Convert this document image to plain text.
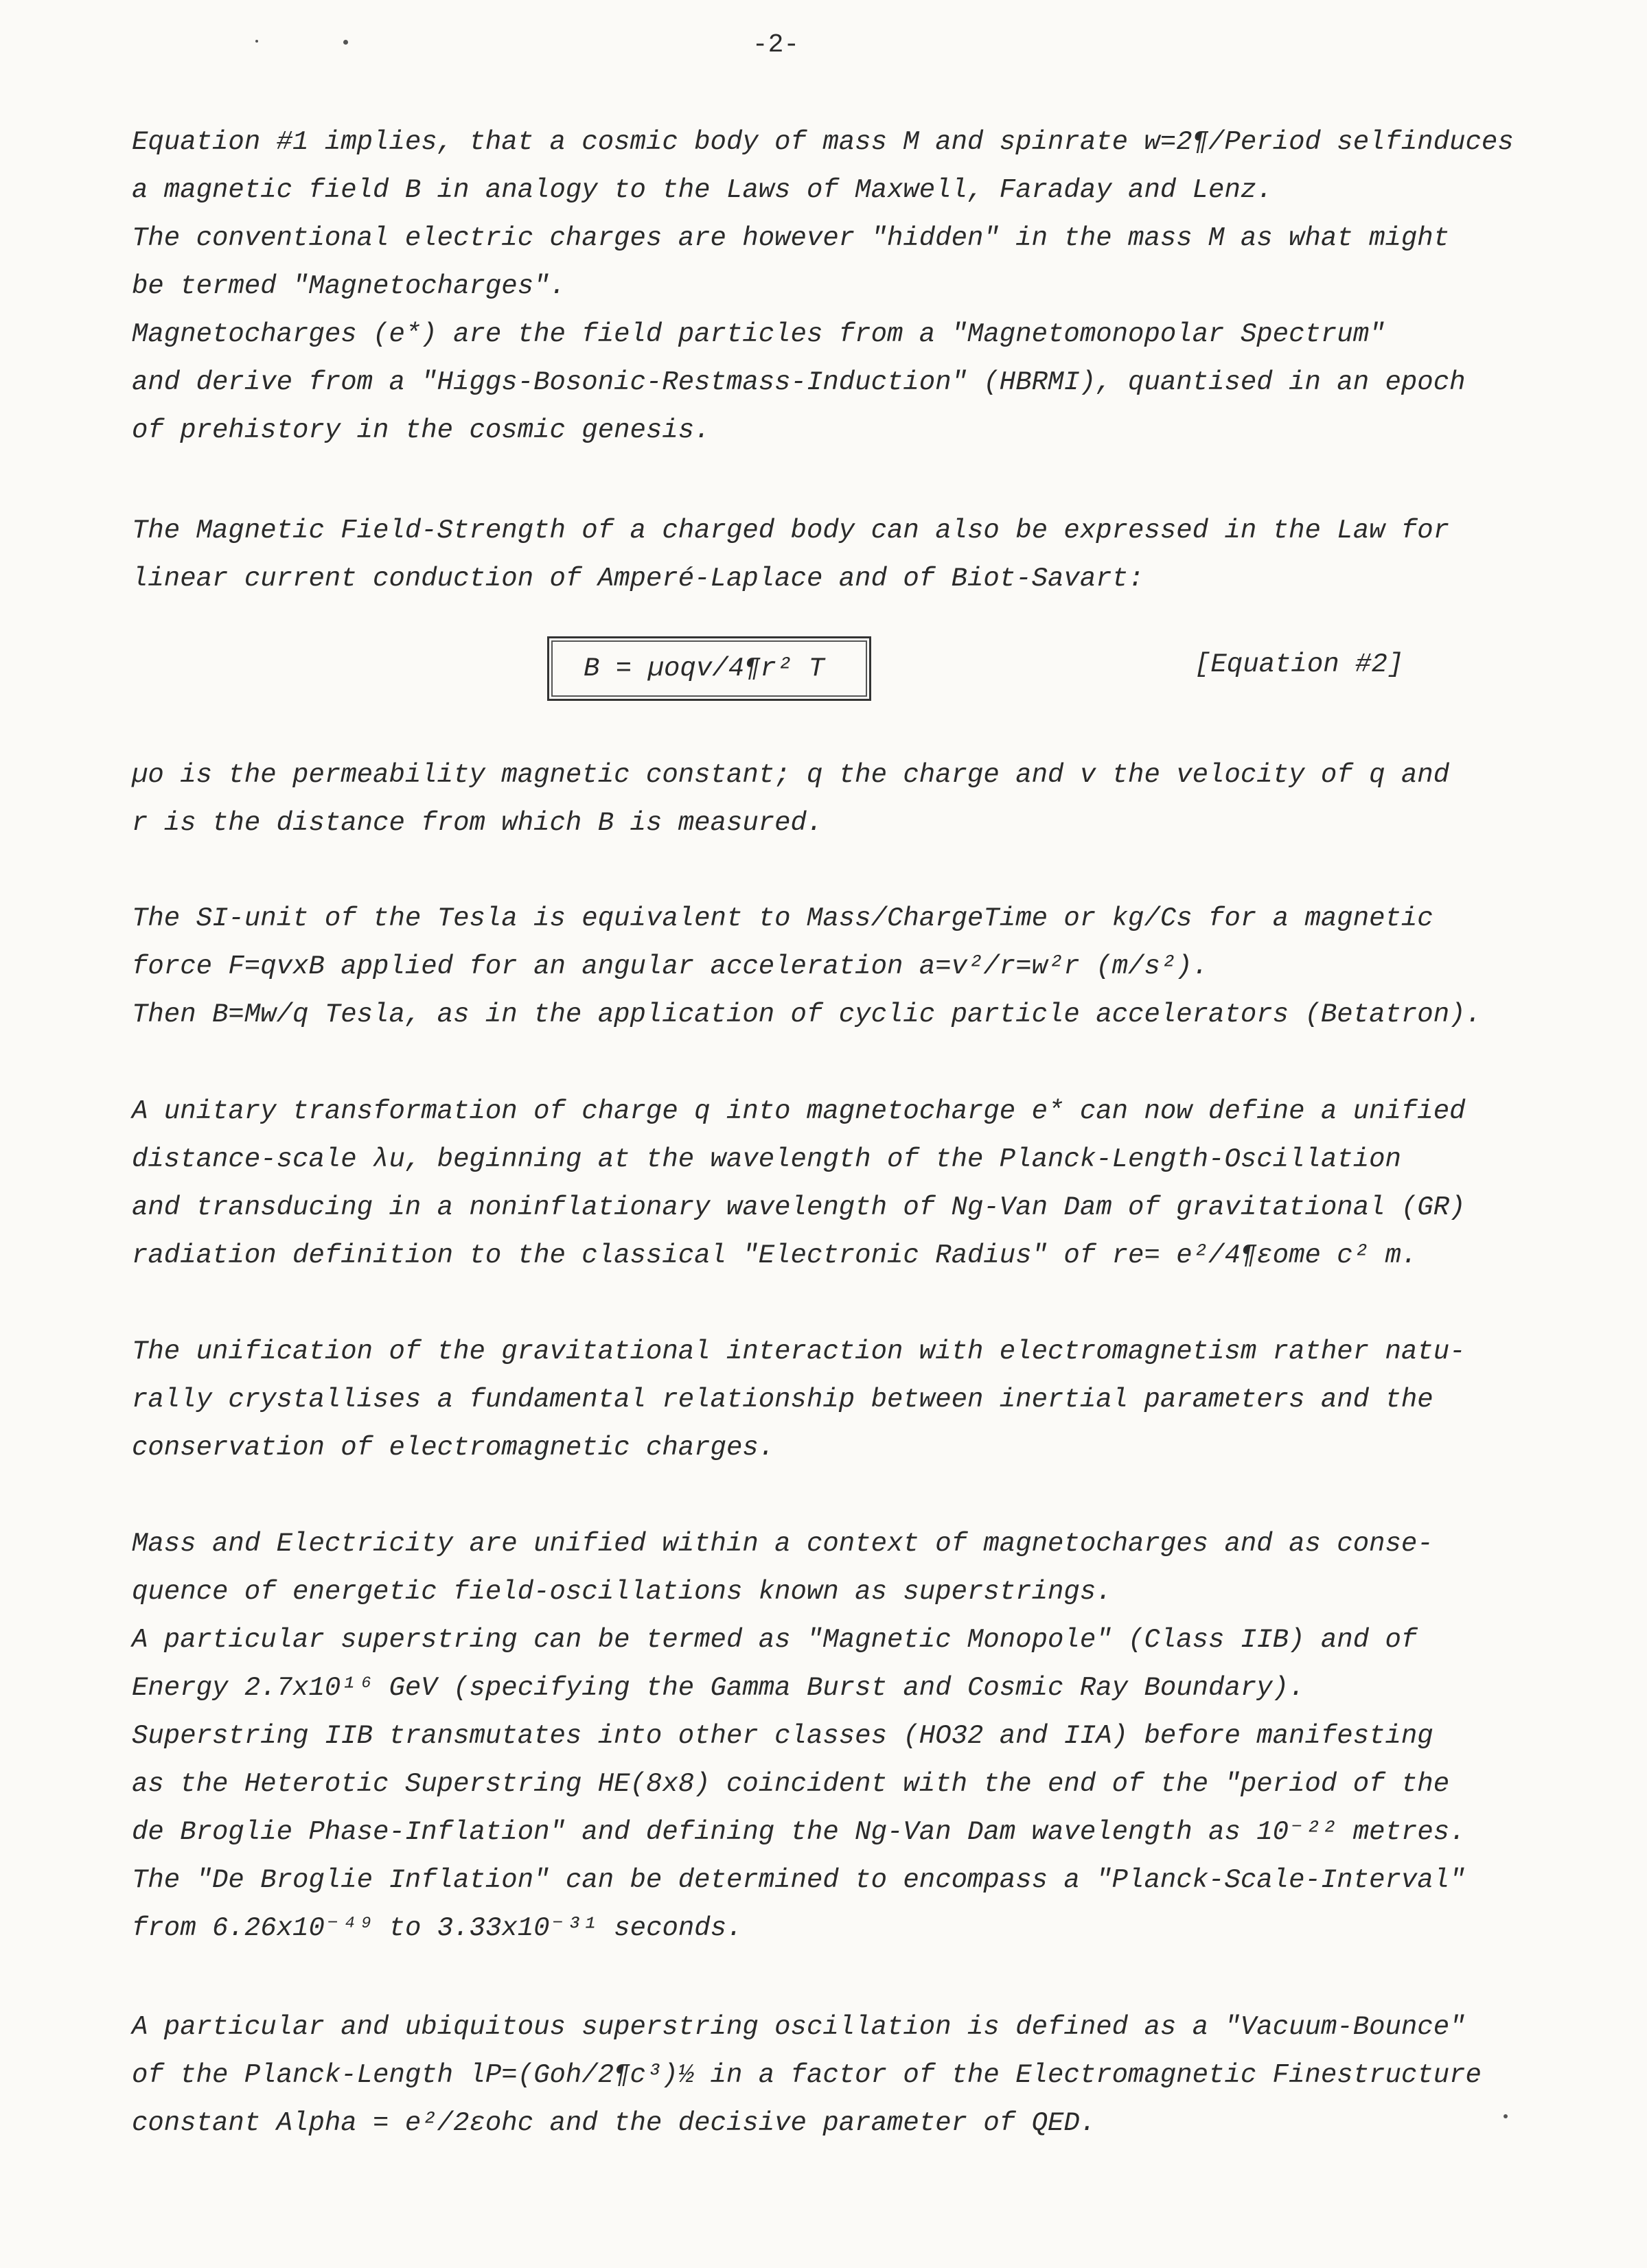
-2-
Equation #1 implies, that a cosmic body of mass M and spinrate w=2¶/Period selfinduces
a magnetic field B in analogy to the Laws of Maxwell, Faraday and Lenz.
The conventional electric charges are however "hidden" in the mass M as what might
be termed "Magnetocharges".
Magnetocharges (e*) are the field particles from a "Magnetomonopolar Spectrum"
and derive from a "Higgs-Bosonic-Restmass-Induction" (HBRMI), quantised in an epoch
of prehistory in the cosmic genesis.
The Magnetic Field-Strength of a charged body can also be expressed in the Law for
linear current conduction of Amperé-Laplace and of Biot-Savart:
B = µoqv/4¶r² T	[Equation #2]
µo is the permeability magnetic constant; q the charge and v the velocity of q and
r is the distance from which B is measured.
The SI-unit of the Tesla is equivalent to Mass/ChargeTime or kg/Cs for a magnetic
force F=qvxB applied for an angular acceleration a=v²/r=w²r (m/s²).
Then B=Mw/q Tesla, as in the application of cyclic particle accelerators (Betatron).
A unitary transformation of charge q into magnetocharge e* can now define a unified
distance-scale λu, beginning at the wavelength of the Planck-Length-Oscillation
and transducing in a noninflationary wavelength of Ng-Van Dam of gravitational (GR)
radiation definition to the classical "Electronic Radius" of re= e²/4¶εome c² m.
The unification of the gravitational interaction with electromagnetism rather natu-
rally crystallises a fundamental relationship between inertial parameters and the
conservation of electromagnetic charges.
Mass and Electricity are unified within a context of magnetocharges and as conse-
quence of energetic field-oscillations known as superstrings.
A particular superstring can be termed as "Magnetic Monopole" (Class IIB) and of
Energy 2.7x10¹⁶ GeV (specifying the Gamma Burst and Cosmic Ray Boundary).
Superstring IIB transmutates into other classes (HO32 and IIA) before manifesting
as the Heterotic Superstring HE(8x8) coincident with the end of the "period of the
de Broglie Phase-Inflation" and defining the Ng-Van Dam wavelength as 10⁻²² metres.
The "De Broglie Inflation" can be determined to encompass a "Planck-Scale-Interval"
from 6.26x10⁻⁴⁹ to 3.33x10⁻³¹ seconds.
A particular and ubiquitous superstring oscillation is defined as a "Vacuum-Bounce"
of the Planck-Length lP=(Goh/2¶c³)½ in a factor of the Electromagnetic Finestructure
constant Alpha = e²/2εohc and the decisive parameter of QED.
